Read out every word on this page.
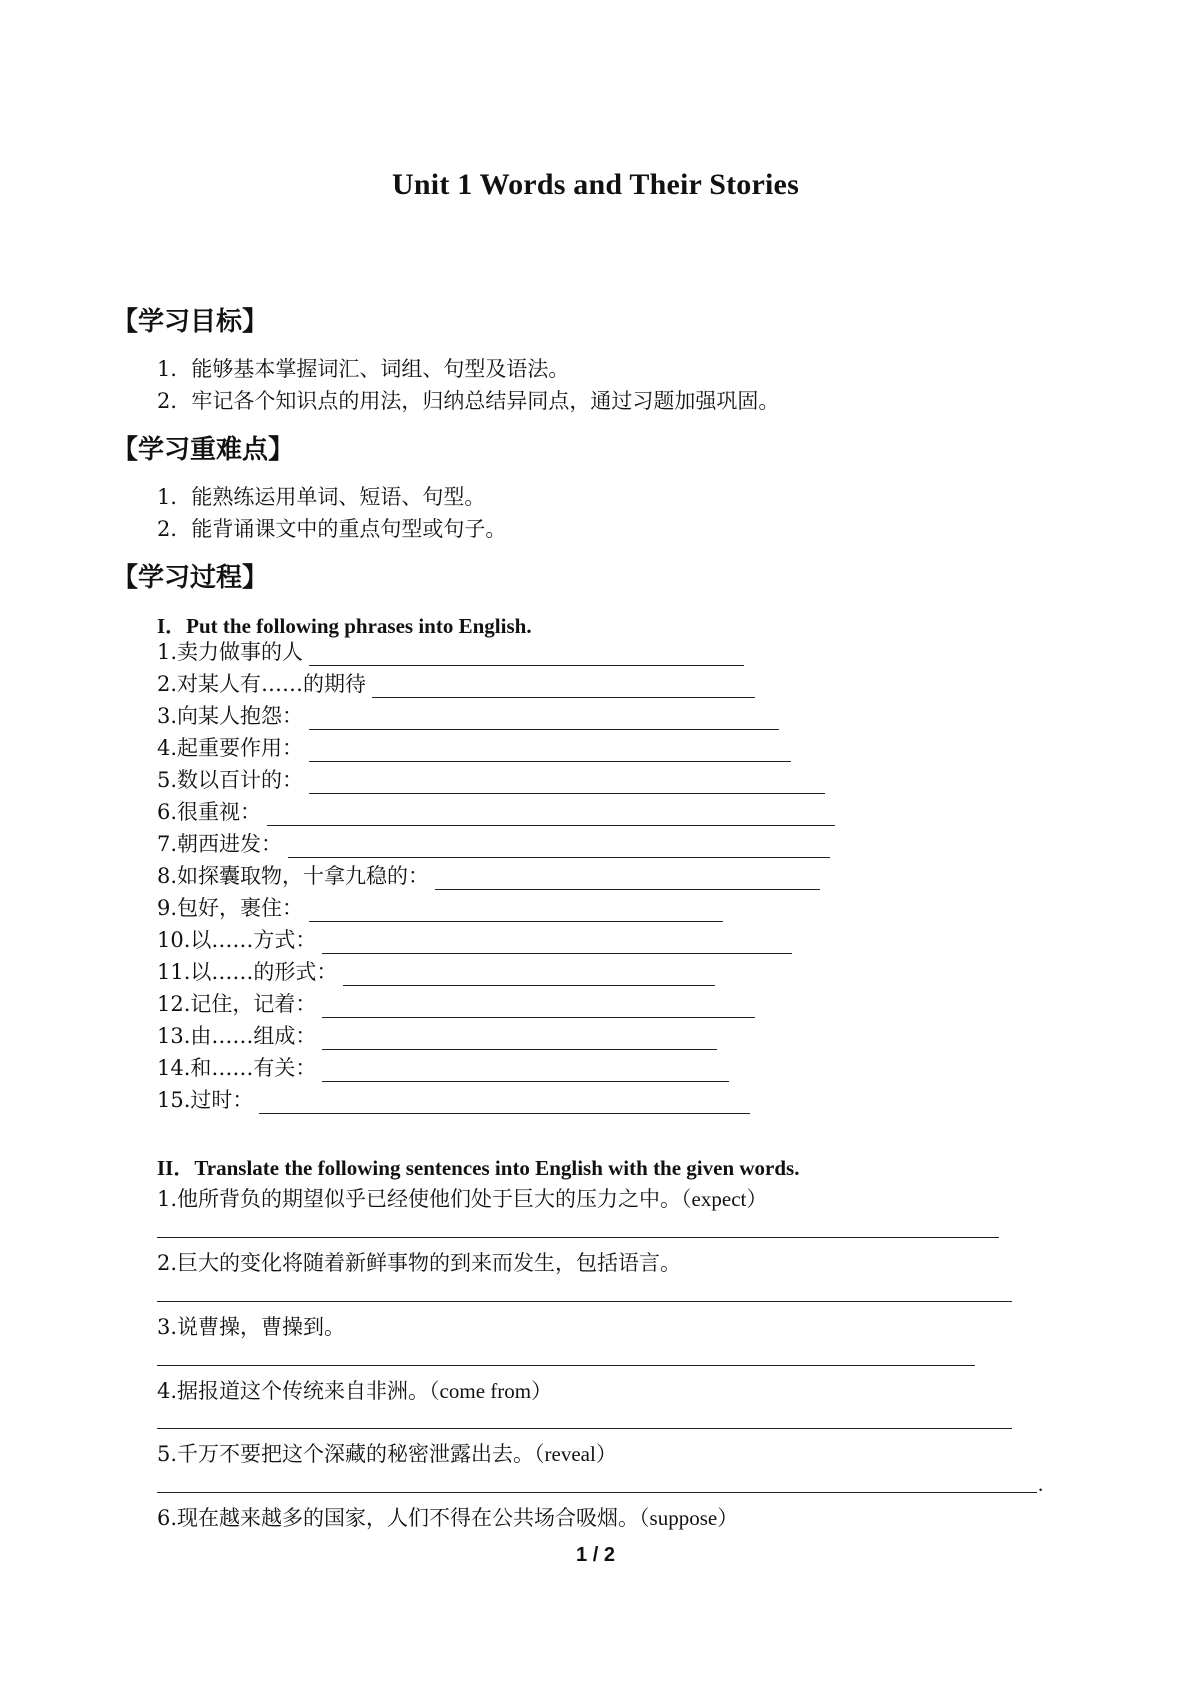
Unit 1 Words and Their Stories
【学习目标】
1．能够基本掌握词汇、词组、句型及语法。
2．牢记各个知识点的用法，归纳总结异同点，通过习题加强巩固。
【学习重难点】
1．能熟练运用单词、短语、句型。
2．能背诵课文中的重点句型或句子。
【学习过程】
I．Put the following phrases into English.
1.卖力做事的人
2.对某人有……的期待
3.向某人抱怨：
4.起重要作用：
5.数以百计的：
6.很重视：
7.朝西进发：
8.如探囊取物，十拿九稳的：
9.包好，裹住：
10.以……方式：
11.以……的形式：
12.记住，记着：
13.由……组成：
14.和……有关：
15.过时：
II．Translate the following sentences into English with the given words.
1.他所背负的期望似乎已经使他们处于巨大的压力之中。（expect）
2.巨大的变化将随着新鲜事物的到来而发生，包括语言。
3.说曹操，曹操到。
4.据报道这个传统来自非洲。（come from）
5.千万不要把这个深藏的秘密泄露出去。（reveal）
.
6.现在越来越多的国家，人们不得在公共场合吸烟。（suppose）
1 / 2
